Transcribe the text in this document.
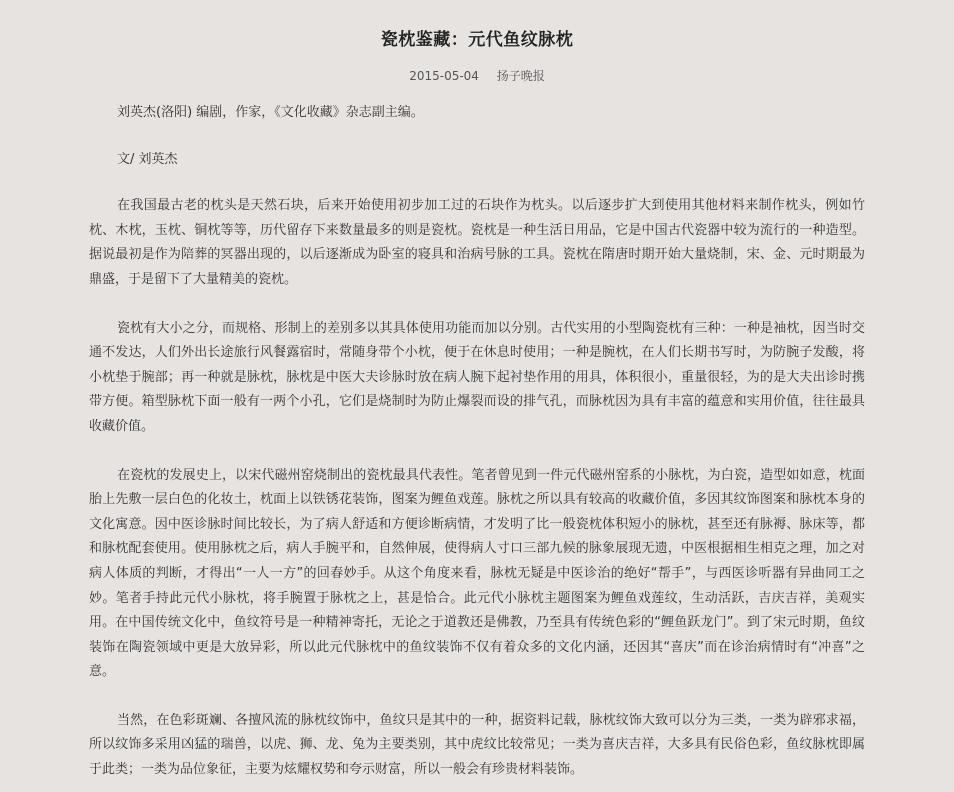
瓷枕鉴藏：元代鱼纹脉枕
2015-05-04 扬子晚报

刘英杰(洛阳) 编剧，作家，《文化收藏》杂志副主编。

文/ 刘英杰

在我国最古老的枕头是天然石块，后来开始使用初步加工过的石块作为枕头。以后逐步扩大到使用其他材料来制作枕头，例如竹枕、木枕，玉枕、铜枕等等，历代留存下来数量最多的则是瓷枕。瓷枕是一种生活日用品，它是中国古代瓷器中较为流行的一种造型。据说最初是作为陪葬的冥器出现的，以后逐渐成为卧室的寝具和治病号脉的工具。瓷枕在隋唐时期开始大量烧制，宋、金、元时期最为鼎盛，于是留下了大量精美的瓷枕。

瓷枕有大小之分，而规格、形制上的差别多以其具体使用功能而加以分别。古代实用的小型陶瓷枕有三种：一种是袖枕，因当时交通不发达，人们外出长途旅行风餐露宿时，常随身带个小枕，便于在休息时使用；一种是腕枕，在人们长期书写时，为防腕子发酸，将小枕垫于腕部；再一种就是脉枕，脉枕是中医大夫诊脉时放在病人腕下起衬垫作用的用具，体积很小，重量很轻，为的是大夫出诊时携带方便。箱型脉枕下面一般有一两个小孔，它们是烧制时为防止爆裂而设的排气孔，而脉枕因为具有丰富的蕴意和实用价值，往往最具收藏价值。

在瓷枕的发展史上，以宋代磁州窑烧制出的瓷枕最具代表性。笔者曾见到一件元代磁州窑系的小脉枕，为白瓷，造型如如意，枕面胎上先敷一层白色的化妆土，枕面上以铁锈花装饰，图案为鲤鱼戏莲。脉枕之所以具有较高的收藏价值，多因其纹饰图案和脉枕本身的文化寓意。因中医诊脉时间比较长，为了病人舒适和方便诊断病情，才发明了比一般瓷枕体积短小的脉枕，甚至还有脉褥、脉床等，都和脉枕配套使用。使用脉枕之后，病人手腕平和，自然伸展，使得病人寸口三部九候的脉象展现无遗，中医根据相生相克之理，加之对病人体质的判断，才得出“一人一方”的回春妙手。从这个角度来看，脉枕无疑是中医诊治的绝好“帮手”，与西医诊听器有异曲同工之妙。笔者手持此元代小脉枕，将手腕置于脉枕之上，甚是恰合。此元代小脉枕主题图案为鲤鱼戏莲纹，生动活跃，吉庆吉祥，美观实用。在中国传统文化中，鱼纹符号是一种精神寄托，无论之于道教还是佛教，乃至具有传统色彩的“鲤鱼跃龙门”。到了宋元时期，鱼纹装饰在陶瓷领域中更是大放异彩，所以此元代脉枕中的鱼纹装饰不仅有着众多的文化内涵，还因其“喜庆”而在诊治病情时有“冲喜”之意。

当然，在色彩斑斓、各擅风流的脉枕纹饰中，鱼纹只是其中的一种，据资料记载，脉枕纹饰大致可以分为三类，一类为辟邪求福，所以纹饰多采用凶猛的瑞兽，以虎、狮、龙、兔为主要类别，其中虎纹比较常见；一类为喜庆吉祥，大多具有民俗色彩，鱼纹脉枕即属于此类；一类为品位象征，主要为炫耀权势和夸示财富，所以一般会有珍贵材料装饰。
